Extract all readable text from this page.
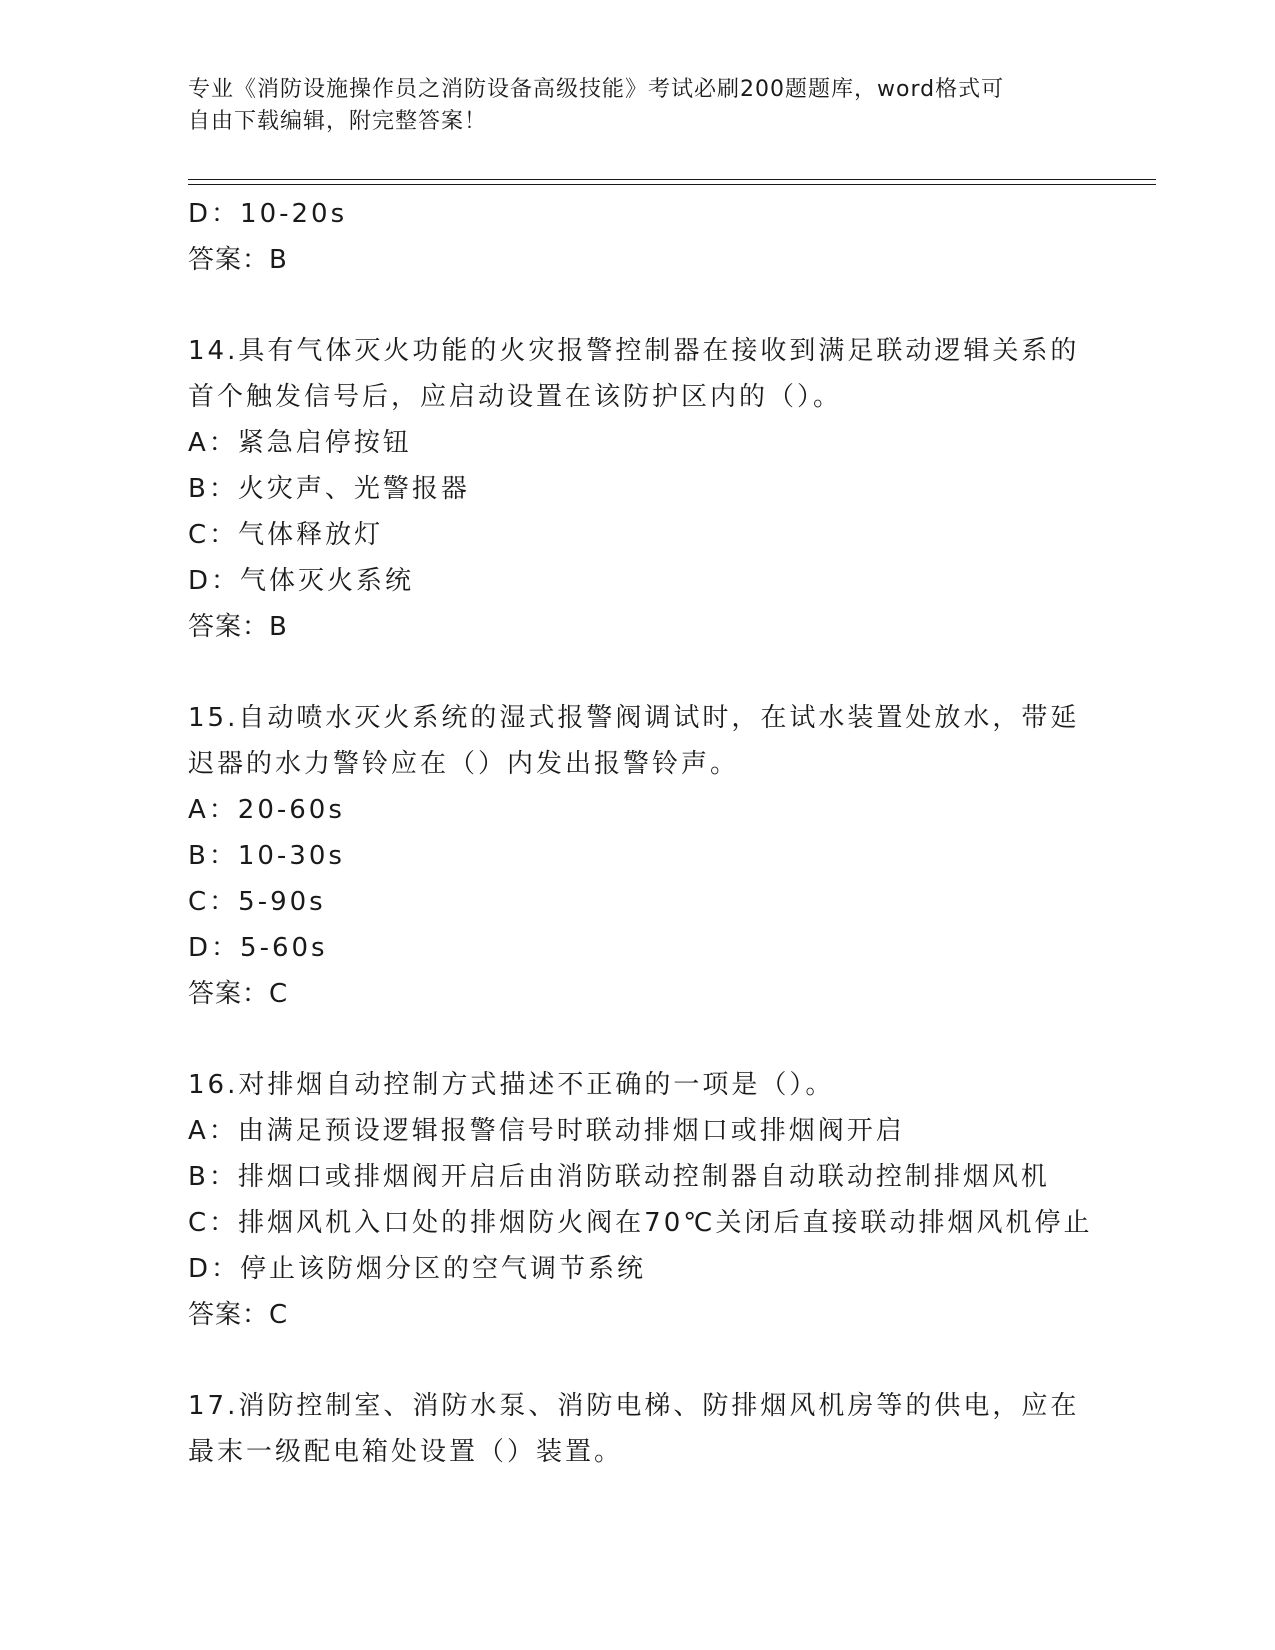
专业《消防设施操作员之消防设备高级技能》考试必刷200题题库，word格式可
自由下载编辑，附完整答案！
D：10-20s
答案：B
14.具有气体灭火功能的火灾报警控制器在接收到满足联动逻辑关系的
首个触发信号后，应启动设置在该防护区内的（）。
A：紧急启停按钮
B：火灾声、光警报器
C：气体释放灯
D：气体灭火系统
答案：B
15.自动喷水灭火系统的湿式报警阀调试时，在试水装置处放水，带延
迟器的水力警铃应在（）内发出报警铃声。
A：20-60s
B：10-30s
C：5-90s
D：5-60s
答案：C
16.对排烟自动控制方式描述不正确的一项是（）。
A：由满足预设逻辑报警信号时联动排烟口或排烟阀开启
B：排烟口或排烟阀开启后由消防联动控制器自动联动控制排烟风机
C：排烟风机入口处的排烟防火阀在70℃关闭后直接联动排烟风机停止
D：停止该防烟分区的空气调节系统
答案：C
17.消防控制室、消防水泵、消防电梯、防排烟风机房等的供电，应在
最末一级配电箱处设置（）装置。
